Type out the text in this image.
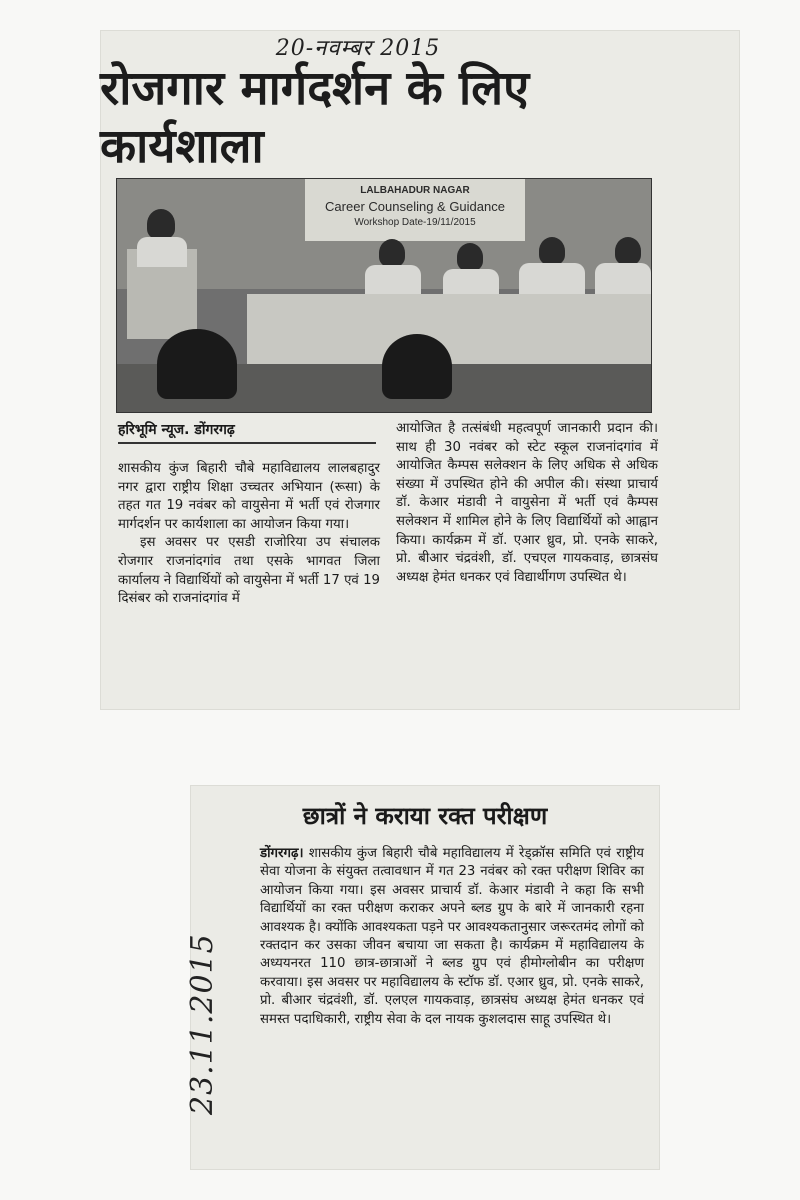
20-नवम्बर 2015
रोजगार मार्गदर्शन के लिए कार्यशाला
LALBAHADUR NAGAR
Career Counseling & Guidance
Workshop Date-19/11/2015
हरिभूमि न्यूज. डोंगरगढ़
शासकीय कुंज बिहारी चौबे महाविद्यालय लालबहादुर नगर द्वारा राष्ट्रीय शिक्षा उच्चतर अभियान (रूसा) के तहत गत 19 नवंबर को वायुसेना में भर्ती एवं रोजगार मार्गदर्शन पर कार्यशाला का आयोजन किया गया।
इस अवसर पर एसडी राजोरिया उप संचालक रोजगार राजनांदगांव तथा एसके भागवत जिला कार्यालय ने विद्यार्थियों को वायुसेना में भर्ती 17 एवं 19 दिसंबर को राजनांदगांव में
आयोजित है तत्संबंधी महत्वपूर्ण जानकारी प्रदान की। साथ ही 30 नवंबर को स्टेट स्कूल राजनांदगांव में आयोजित कैम्पस सलेक्शन के लिए अधिक से अधिक संख्या में उपस्थित होने की अपील की। संस्था प्राचार्य डॉ. केआर मंडावी ने वायुसेना में भर्ती एवं कैम्पस सलेक्शन में शामिल होने के लिए विद्यार्थियों को आह्वान किया। कार्यक्रम में डॉ. एआर ध्रुव, प्रो. एनके साकरे, प्रो. बीआर चंद्रवंशी, डॉ. एचएल गायकवाड़, छात्रसंघ अध्यक्ष हेमंत धनकर एवं विद्यार्थीगण उपस्थित थे।
23.11.2015
छात्रों ने कराया रक्त परीक्षण
डोंगरगढ़। शासकीय कुंज बिहारी चौबे महाविद्यालय में रेड्क्रॉस समिति एवं राष्ट्रीय सेवा योजना के संयुक्त तत्वावधान में गत 23 नवंबर को रक्त परीक्षण शिविर का आयोजन किया गया। इस अवसर प्राचार्य डॉ. केआर मंडावी ने कहा कि सभी विद्यार्थियों का रक्त परीक्षण कराकर अपने ब्लड ग्रुप के बारे में जानकारी रहना आवश्यक है। क्योंकि आवश्यकता पड़ने पर आवश्यकतानुसार जरूरतमंद लोगों को रक्तदान कर उसका जीवन बचाया जा सकता है। कार्यक्रम में महाविद्यालय के अध्ययनरत 110 छात्र-छात्राओं ने ब्लड ग्रुप एवं हीमोग्लोबीन का परीक्षण करवाया। इस अवसर पर महाविद्यालय के स्टॉफ डॉ. एआर ध्रुव, प्रो. एनके साकरे, प्रो. बीआर चंद्रवंशी, डॉ. एलएल गायकवाड़, छात्रसंघ अध्यक्ष हेमंत धनकर एवं समस्त पदाधिकारी, राष्ट्रीय सेवा के दल नायक कुशलदास साहू उपस्थित थे।
